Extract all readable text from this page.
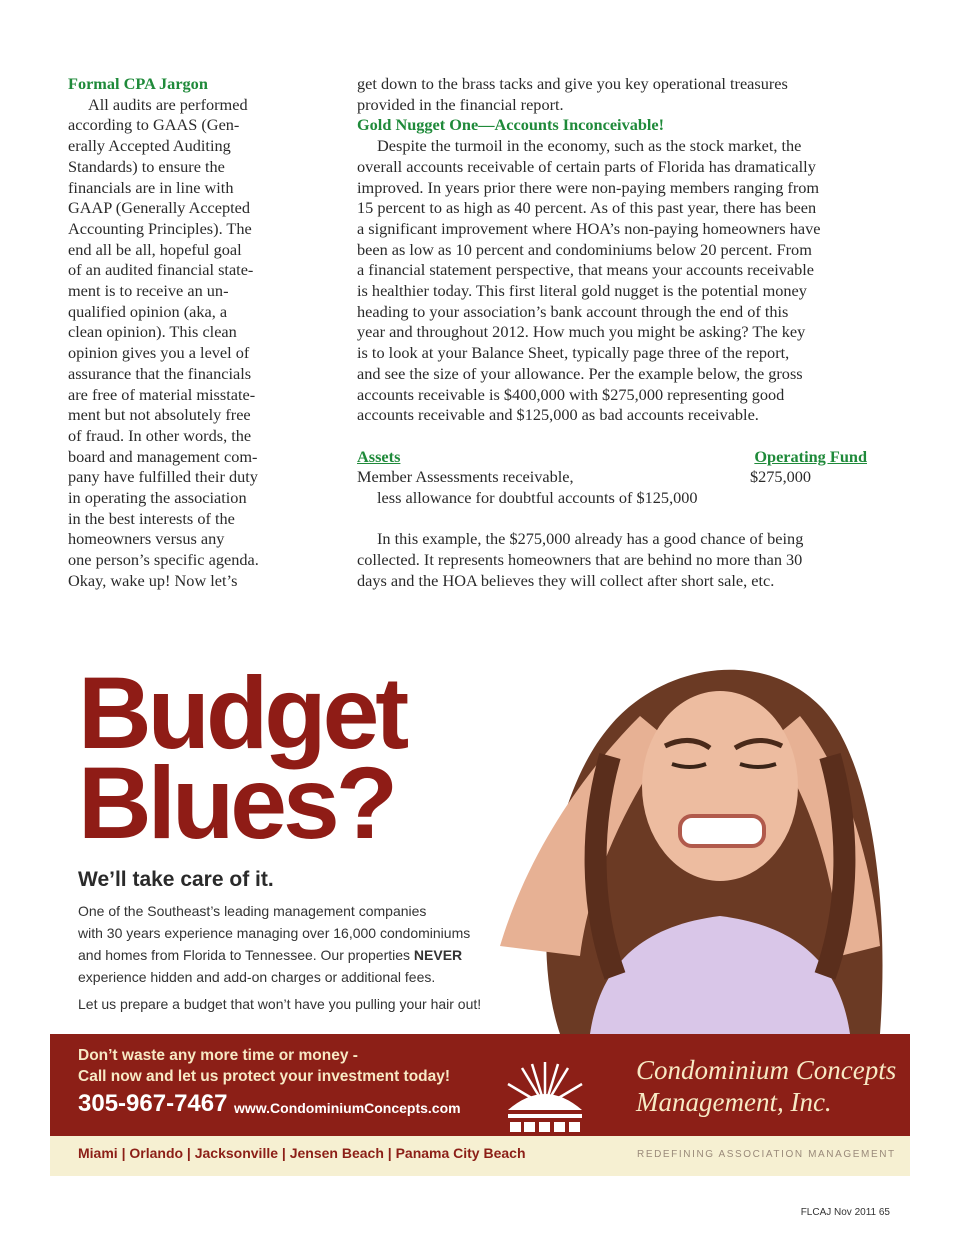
Formal CPA Jargon
All audits are performed
according to GAAS (Gen-
erally Accepted Auditing
Standards) to ensure the
financials are in line with
GAAP (Generally Accepted
Accounting Principles). The
end all be all, hopeful goal
of an audited financial state-
ment is to receive an un-
qualified opinion (aka, a
clean opinion). This clean
opinion gives you a level of
assurance that the financials
are free of material misstate-
ment but not absolutely free
of fraud. In other words, the
board and management com-
pany have fulfilled their duty
in operating the association
in the best interests of the
homeowners versus any
one person’s specific agenda.
Okay, wake up! Now let’s
get down to the brass tacks and give you key operational treasures
provided in the financial report.
Gold Nugget One—Accounts Inconceivable!
Despite the turmoil in the economy, such as the stock market, the
overall accounts receivable of certain parts of Florida has dramatically
improved. In years prior there were non-paying members ranging from
15 percent to as high as 40 percent. As of this past year, there has been
a significant improvement where HOA’s non-paying homeowners have
been as low as 10 percent and condominiums below 20 percent. From
a financial statement perspective, that means your accounts receivable
is healthier today. This first literal gold nugget is the potential money
heading to your association’s bank account through the end of this
year and throughout 2012. How much you might be asking? The key
is to look at your Balance Sheet, typically page three of the report,
and see the size of your allowance. Per the example below, the gross
accounts receivable is $400,000 with $275,000 representing good
accounts receivable and $125,000 as bad accounts receivable.
Assets	Operating Fund
Member Assessments receivable,	$275,000
less allowance for doubtful accounts of $125,000
In this example, the $275,000 already has a good chance of being
collected. It represents homeowners that are behind no more than 30
days and the HOA believes they will collect after short sale, etc.
Budget
Blues?
We’ll take care of it.
One of the Southeast’s leading management companies
with 30 years experience managing over 16,000 condominiums
and homes from Florida to Tennessee. Our properties NEVER
experience hidden and add-on charges or additional fees.
Let us prepare a budget that won’t have you pulling your hair out!
Don’t waste any more time or money -
Call now and let us protect your investment today!
305-967-7467 www.CondominiumConcepts.com
Condominium Concepts
Management, Inc.
Miami | Orlando | Jacksonville | Jensen Beach | Panama City Beach	REDEFINING ASSOCIATION MANAGEMENT
FLCAJ Nov 2011 65
